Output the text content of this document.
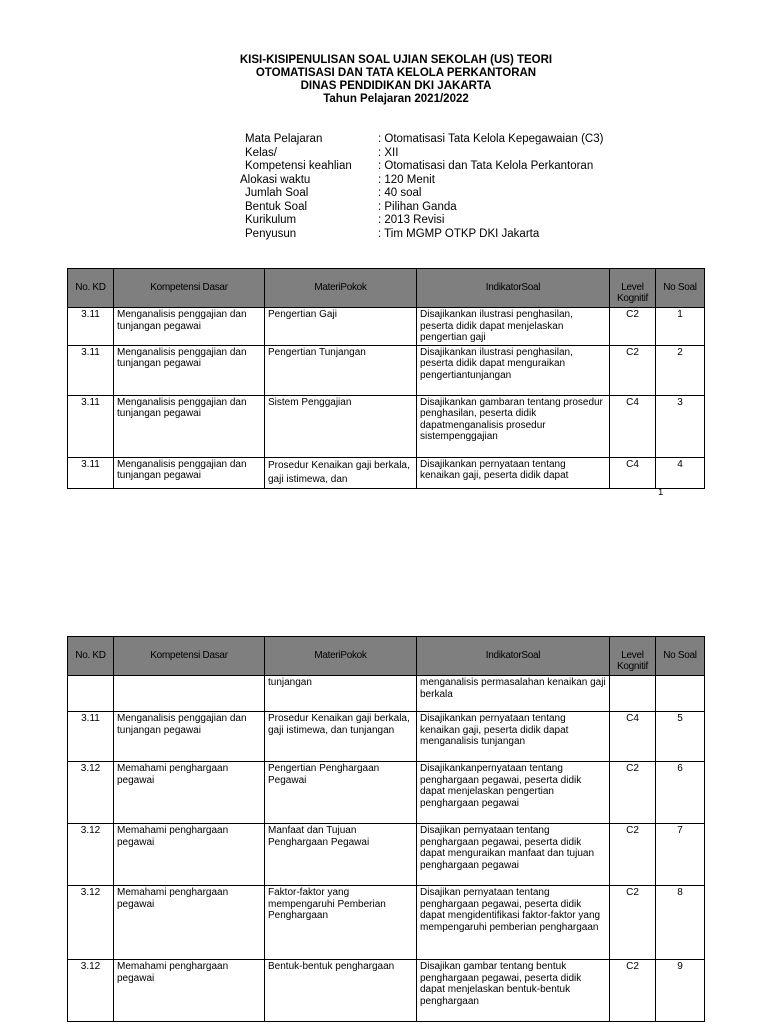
KISI-KISIPENULISAN SOAL UJIAN SEKOLAH (US) TEORI
OTOMATISASI DAN TATA KELOLA PERKANTORAN
DINAS PENDIDIKAN DKI JAKARTA
Tahun Pelajaran 2021/2022
Mata Pelajaran	: Otomatisasi Tata Kelola Kepegawaian (C3)
Kelas/	: XII
Kompetensi keahlian : Otomatisasi dan Tata Kelola Perkantoran
Alokasi waktu	: 120 Menit
Jumlah Soal	: 40 soal
Bentuk Soal	: Pilihan Ganda
Kurikulum	: 2013 Revisi
Penyusun	: Tim MGMP OTKP DKI Jakarta
No. KD	Kompetensi Dasar	MateriPokok	IndikatorSoal	Level Kognitif	No Soal
3.11	Menganalisis penggajian dan tunjangan pegawai	Pengertian Gaji	Disajikankan ilustrasi penghasilan, peserta didik dapat menjelaskan pengertian gaji	C2	1
3.11	Menganalisis penggajian dan tunjangan pegawai	Pengertian Tunjangan	Disajikankan ilustrasi penghasilan, peserta didik dapat menguraikan pengertiantunjangan	C2	2
3.11	Menganalisis penggajian dan tunjangan pegawai	Sistem Penggajian	Disajikankan gambaran tentang prosedur penghasilan, peserta didik dapatmenganalisis prosedur sistempenggajian	C4	3
3.11	Menganalisis penggajian dan tunjangan pegawai	Prosedur Kenaikan gaji berkala, gaji istimewa, dan	Disajikankan pernyataan tentang kenaikan gaji, peserta didik dapat	C4	4
1
No. KD	Kompetensi Dasar	MateriPokok	IndikatorSoal	Level Kognitif	No Soal
		tunjangan	menganalisis permasalahan kenaikan gaji berkala		
3.11	Menganalisis penggajian dan tunjangan pegawai	Prosedur Kenaikan gaji berkala, gaji istimewa, dan tunjangan	Disajikankan pernyataan tentang kenaikan gaji, peserta didik dapat menganalisis tunjangan	C4	5
3.12	Memahami penghargaan pegawai	Pengertian Penghargaan Pegawai	Disajikankanpernyataan tentang penghargaan pegawai, peserta didik dapat menjelaskan pengertian penghargaan pegawai	C2	6
3.12	Memahami penghargaan pegawai	Manfaat dan Tujuan Penghargaan Pegawai	Disajikan pernyataan tentang penghargaan pegawai, peserta didik dapat menguraikan manfaat dan tujuan penghargaan pegawai	C2	7
3.12	Memahami penghargaan pegawai	Faktor-faktor yang mempengaruhi Pemberian Penghargaan	Disajikan pernyataan tentang penghargaan pegawai, peserta didik dapat mengidentifikasi faktor-faktor yang mempengaruhi pemberian penghargaan	C2	8
3.12	Memahami penghargaan pegawai	Bentuk-bentuk penghargaan	Disajikan gambar tentang bentuk penghargaan pegawai, peserta didik dapat menjelaskan bentuk-bentuk penghargaan	C2	9
